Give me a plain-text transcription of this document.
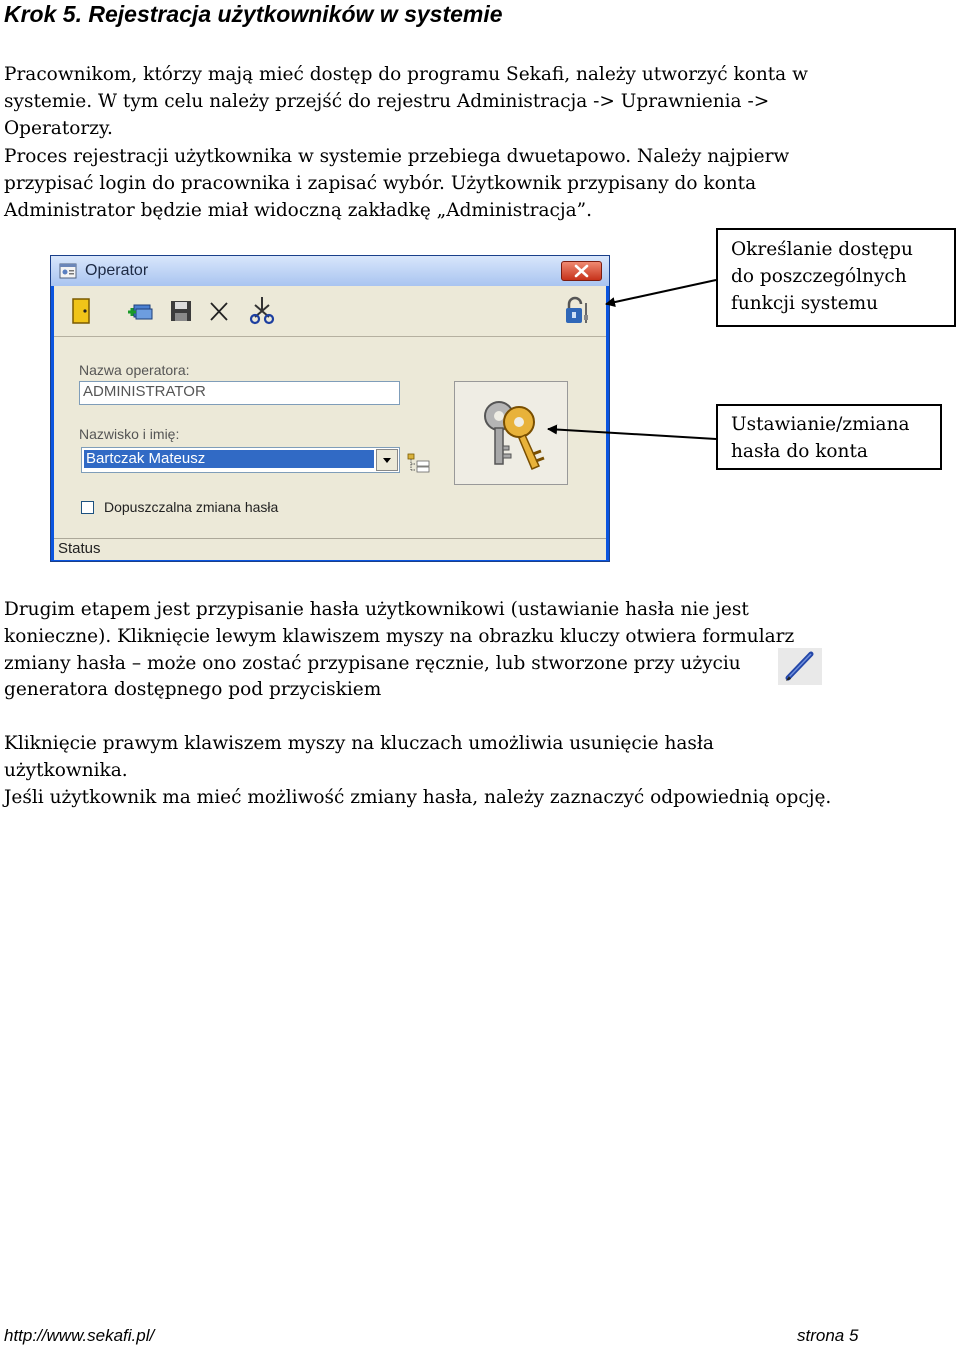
Krok 5. Rejestracja użytkowników w systemie
Pracownikom, którzy mają mieć dostęp do programu Sekafi, należy utworzyć konta w
systemie. W tym celu należy przejść do rejestru Administracja -> Uprawnienia ->
Operatorzy.
Proces rejestracji użytkownika w systemie przebiega dwuetapowo. Należy najpierw
przypisać login do pracownika i zapisać wybór. Użytkownik przypisany do konta
Administrator będzie miał widoczną zakładkę „Administracja”.
Operator
Nazwa operatora:
ADMINISTRATOR
Nazwisko i imię:
Bartczak Mateusz
Dopuszczalna zmiana hasła
Status
Określanie dostępu
do poszczególnych
funkcji systemu
Ustawianie/zmiana
hasła do konta
Drugim etapem jest przypisanie hasła użytkownikowi (ustawianie hasła nie jest
konieczne). Kliknięcie lewym klawiszem myszy na obrazku kluczy otwiera formularz
zmiany hasła – może ono zostać przypisane ręcznie, lub stworzone przy użyciu
generatora dostępnego pod przyciskiem
Kliknięcie prawym klawiszem myszy na kluczach umożliwia usunięcie hasła
użytkownika.
Jeśli użytkownik ma mieć możliwość zmiany hasła, należy zaznaczyć odpowiednią opcję.
http://www.sekafi.pl/	strona 5
